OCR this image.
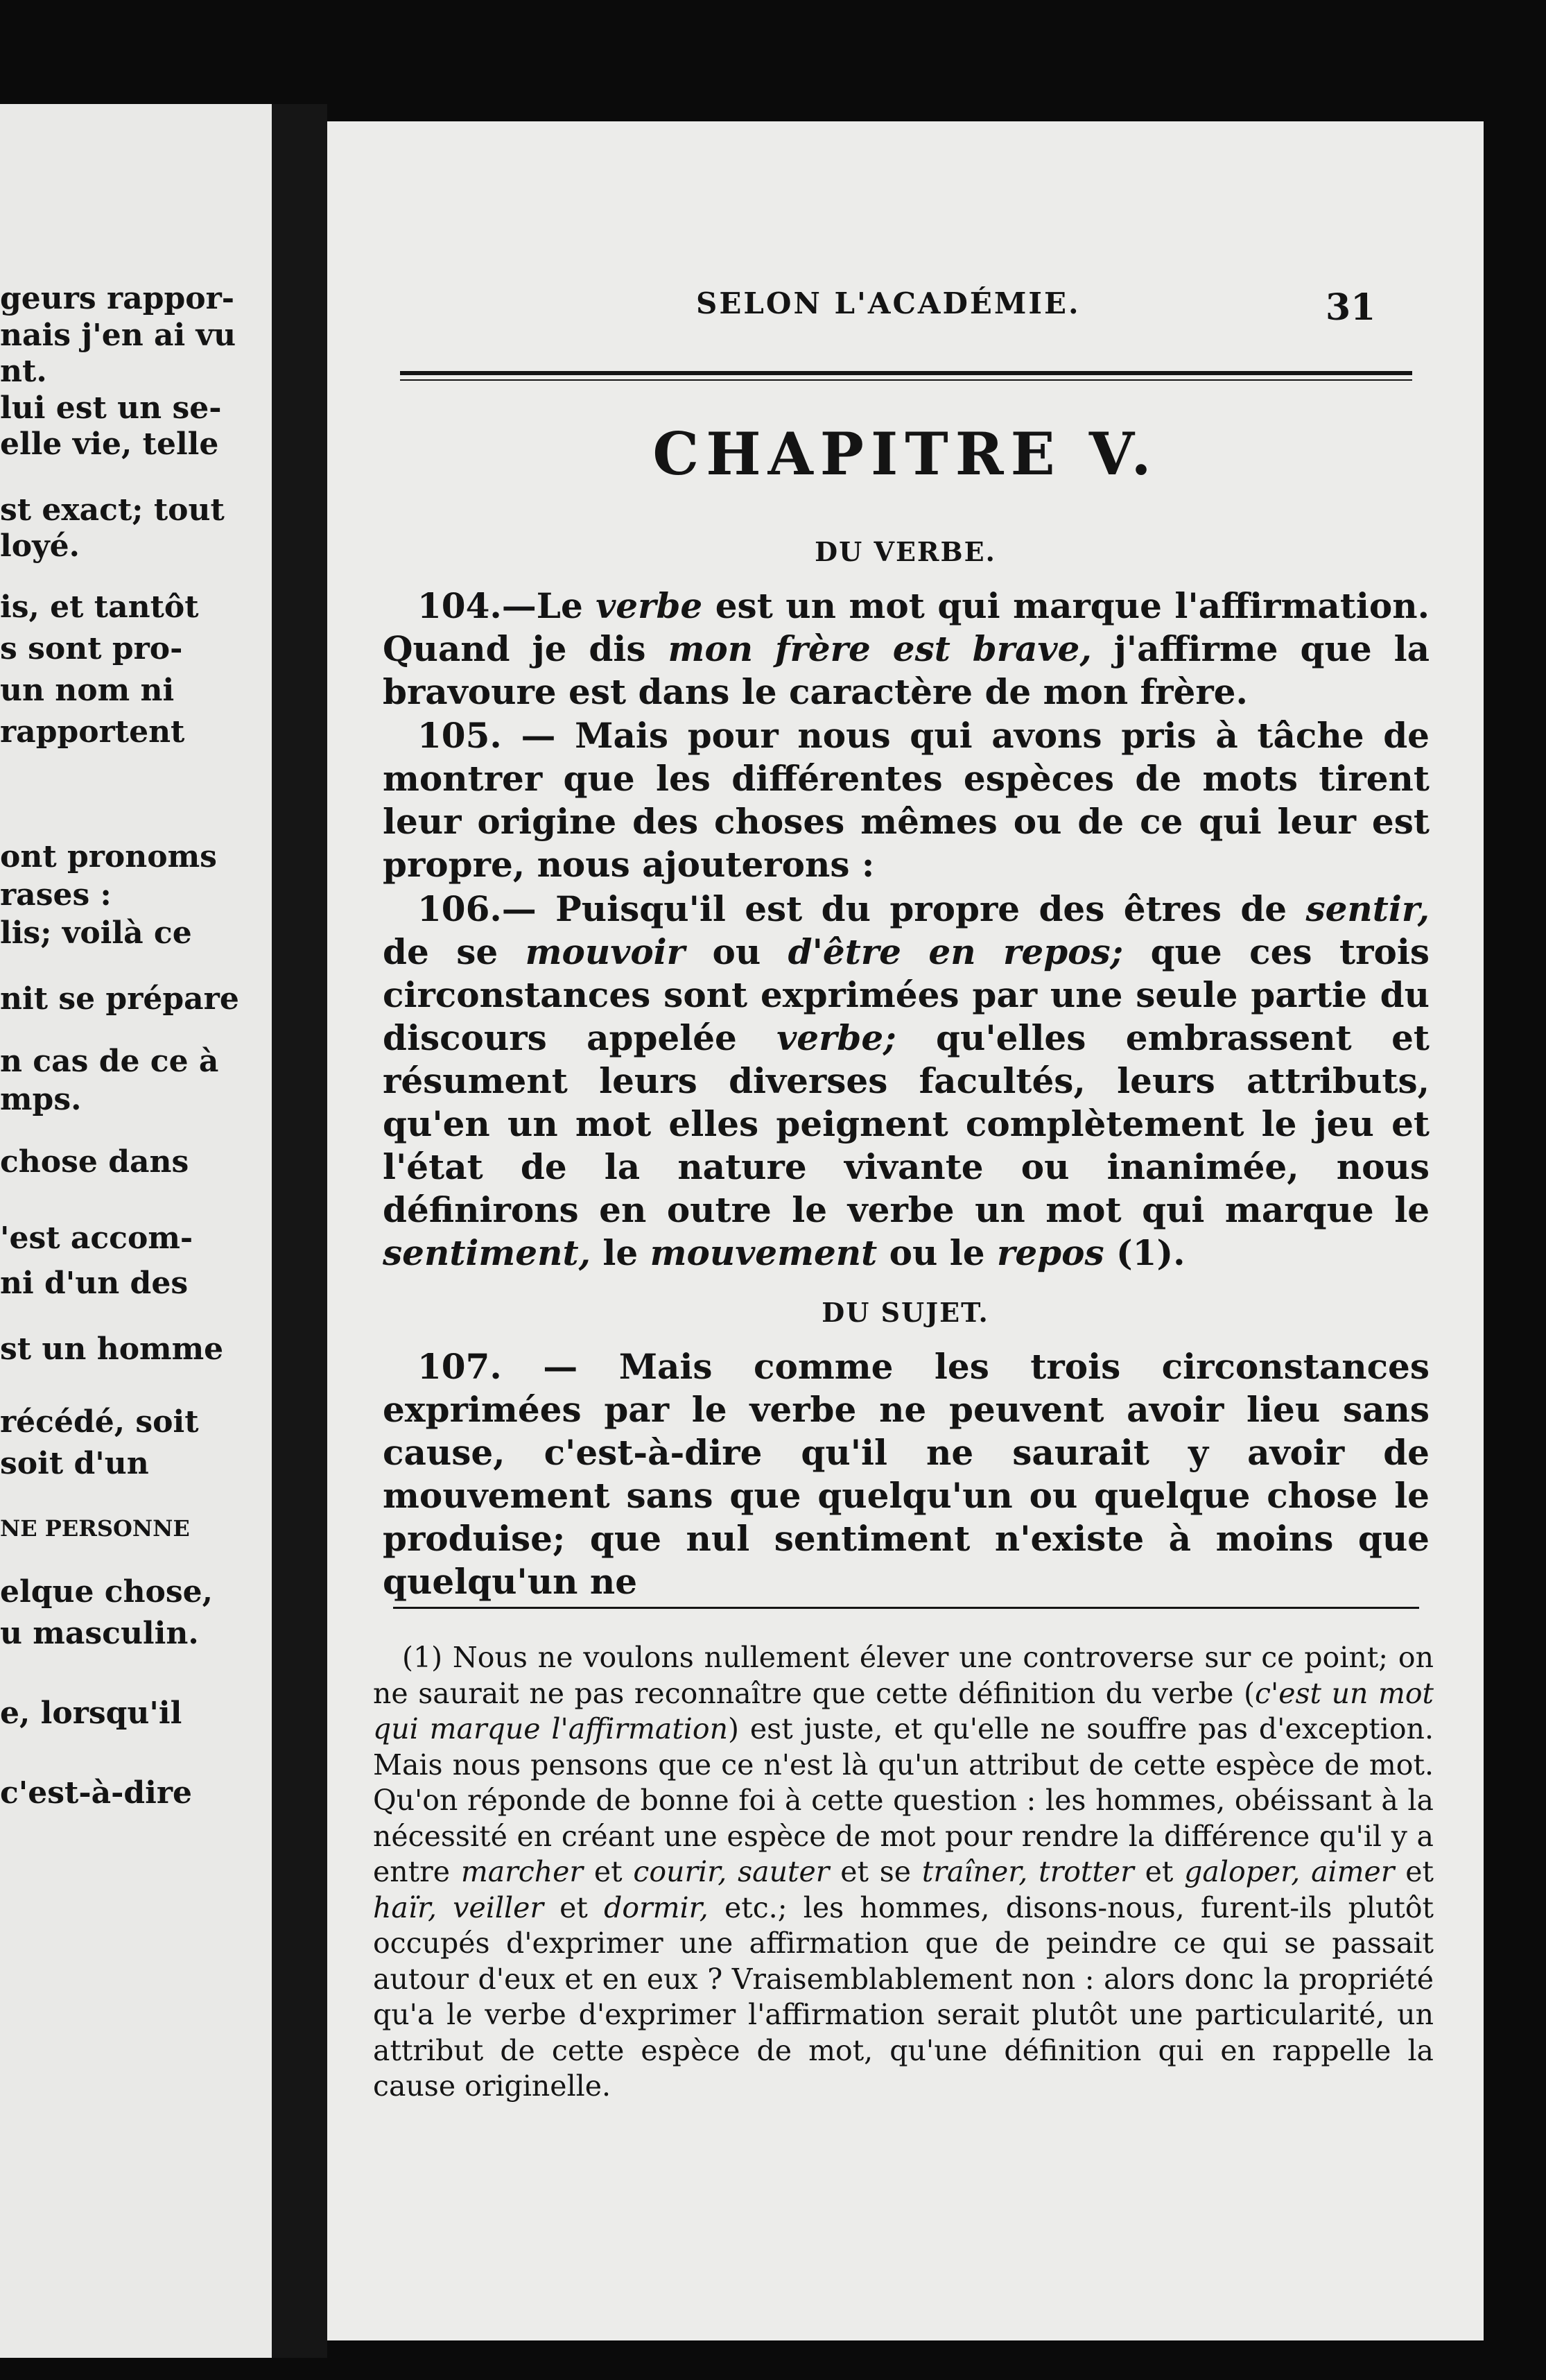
geurs rappor-
nais j'en ai vu
nt.
lui est un se-
elle vie, telle
st exact; tout
loyé.
is, et tantôt
s sont pro-
un nom ni
rapportent
ont pronoms
rases :
lis; voilà ce
nit se prépare
n cas de ce à
mps.
chose dans
'est accom-
ni d'un des
st un homme
récédé, soit
soit d'un
NE PERSONNE
elque chose,
u masculin.
e, lorsqu'il
c'est-à-dire
SELON L'ACADÉMIE.	31
CHAPITRE V.
DU VERBE.

104.—Le verbe est un mot qui marque l'affirmation. Quand je dis mon frère est brave, j'affirme que la bravoure est dans le caractère de mon frère.

105. — Mais pour nous qui avons pris à tâche de montrer que les différentes espèces de mots tirent leur origine des choses mêmes ou de ce qui leur est propre, nous ajouterons :

106.— Puisqu'il est du propre des êtres de sentir, de se mouvoir ou d'être en repos; que ces trois circonstances sont exprimées par une seule partie du discours appelée verbe; qu'elles embrassent et résument leurs diverses facultés, leurs attributs, qu'en un mot elles peignent complètement le jeu et l'état de la nature vivante ou inanimée, nous définirons en outre le verbe un mot qui marque le sentiment, le mouvement ou le repos (1).

DU SUJET.

107. — Mais comme les trois circonstances exprimées par le verbe ne peuvent avoir lieu sans cause, c'est-à-dire qu'il ne saurait y avoir de mouvement sans que quelqu'un ou quelque chose le produise; que nul sentiment n'existe à moins que quelqu'un ne

(1) Nous ne voulons nullement élever une controverse sur ce point; on ne saurait ne pas reconnaître que cette définition du verbe (c'est un mot qui marque l'affirmation) est juste, et qu'elle ne souffre pas d'exception. Mais nous pensons que ce n'est là qu'un attribut de cette espèce de mot. Qu'on réponde de bonne foi à cette question : les hommes, obéissant à la nécessité en créant une espèce de mot pour rendre la différence qu'il y a entre marcher et courir, sauter et se traîner, trotter et galoper, aimer et haïr, veiller et dormir, etc.; les hommes, disons-nous, furent-ils plutôt occupés d'exprimer une affirmation que de peindre ce qui se passait autour d'eux et en eux ? Vraisemblablement non : alors donc la propriété qu'a le verbe d'exprimer l'affirmation serait plutôt une particularité, un attribut de cette espèce de mot, qu'une définition qui en rappelle la cause originelle.
